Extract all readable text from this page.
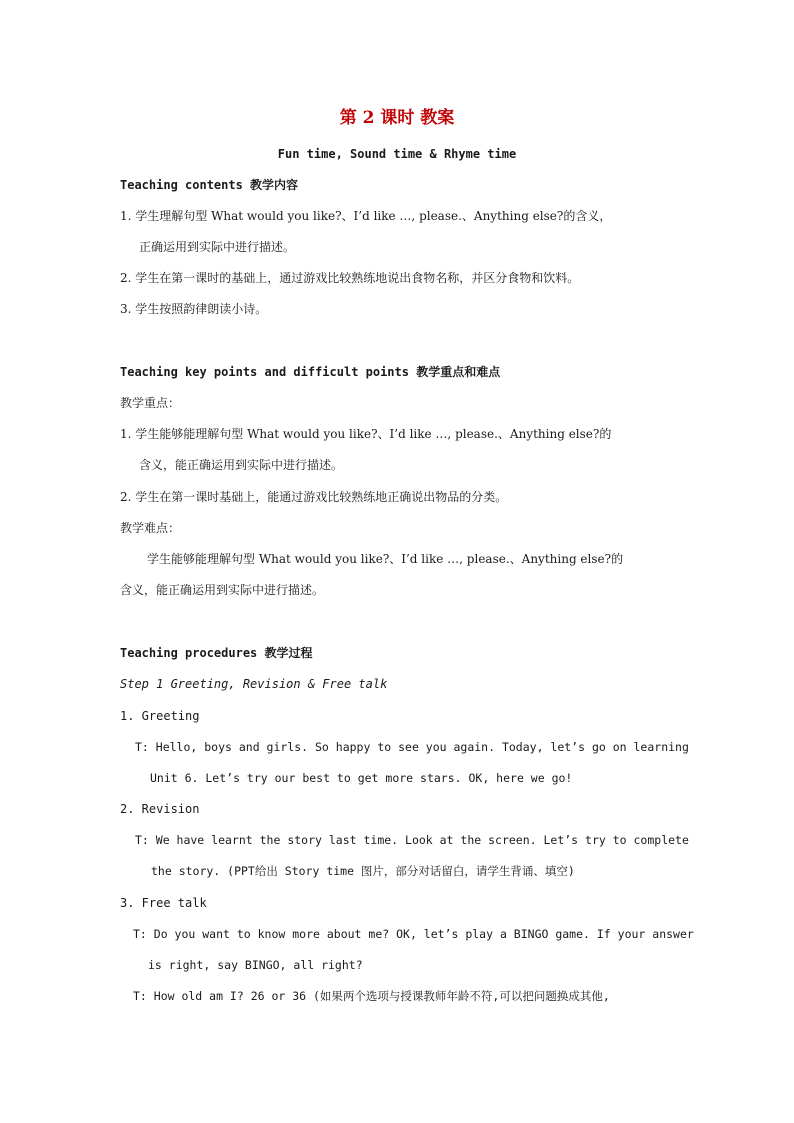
第 2 课时 教案
Fun time, Sound time & Rhyme time
Teaching contents 教学内容
1. 学生理解句型 What would you like?、I’d like …, please.、Anything else?的含义，
正确运用到实际中进行描述。
2. 学生在第一课时的基础上，通过游戏比较熟练地说出食物名称，并区分食物和饮料。
3. 学生按照韵律朗读小诗。
Teaching key points and difficult points 教学重点和难点
教学重点：
1. 学生能够能理解句型 What would you like?、I’d like …, please.、Anything else?的
含义，能正确运用到实际中进行描述。
2. 学生在第一课时基础上，能通过游戏比较熟练地正确说出物品的分类。
教学难点：
学生能够能理解句型 What would you like?、I’d like …, please.、Anything else?的
含义，能正确运用到实际中进行描述。
Teaching procedures 教学过程
Step 1 Greeting, Revision & Free talk
1. Greeting
T: Hello, boys and girls. So happy to see you again. Today, let’s go on learning
Unit 6. Let’s try our best to get more stars. OK, here we go!
2. Revision
T: We have learnt the story last time. Look at the screen. Let’s try to complete
the story. (PPT给出 Story time 图片，部分对话留白，请学生背诵、填空)
3. Free talk
T: Do you want to know more about me? OK, let’s play a BINGO game. If your answer
is right, say BINGO, all right?
T: How old am I? 26 or 36 (如果两个选项与授课教师年龄不符,可以把问题换成其他,
